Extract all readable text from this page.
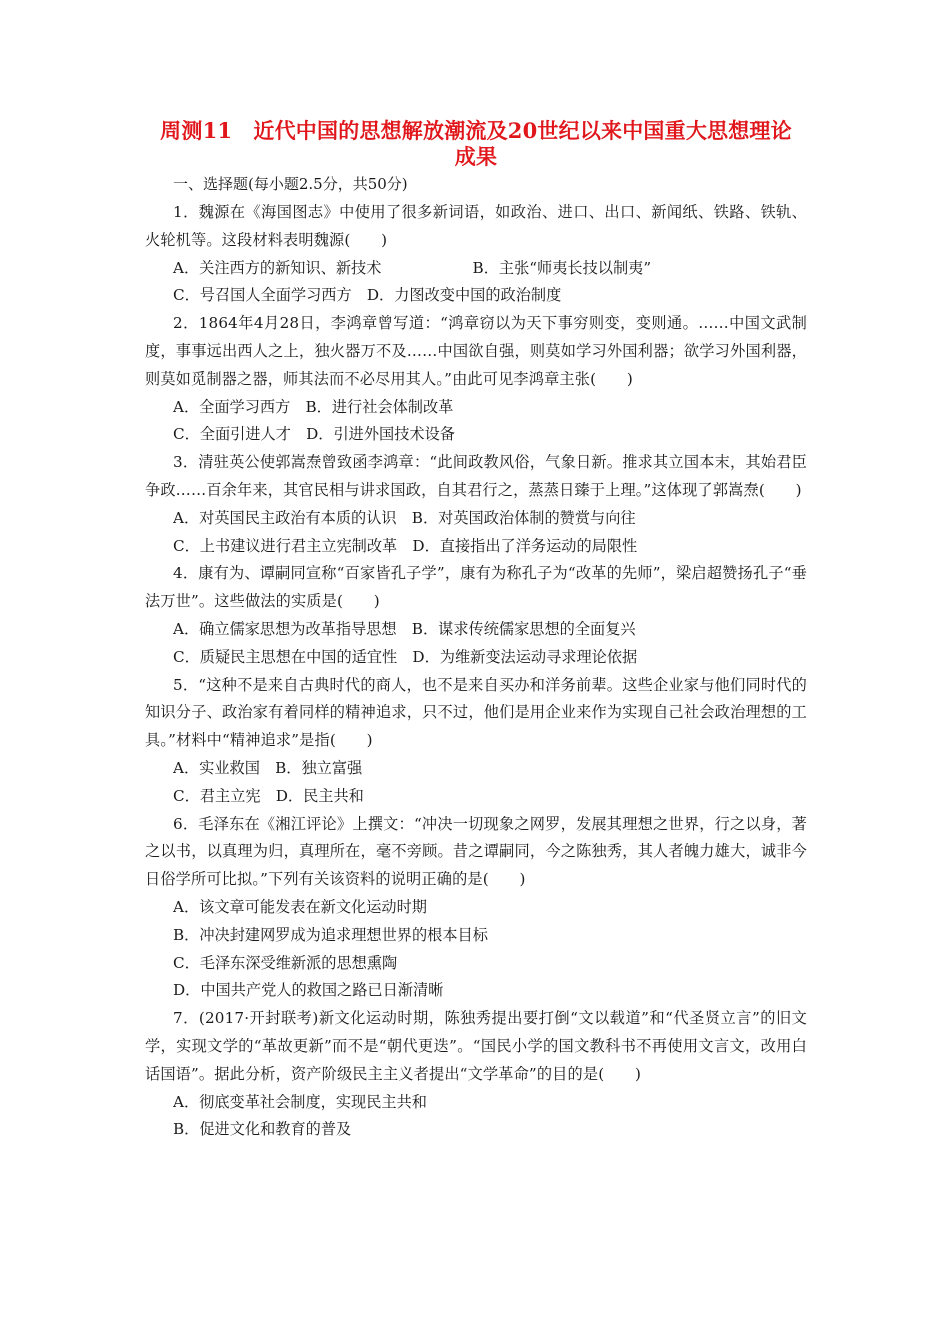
周测11　近代中国的思想解放潮流及20世纪以来中国重大思想理论
成果
一、选择题(每小题2.5分，共50分)

1．魏源在《海国图志》中使用了很多新词语，如政治、进口、出口、新闻纸、铁路、铁轨、火轮机等。这段材料表明魏源(　　)

A．关注西方的新知识、新技术　　　　　　B．主张“师夷长技以制夷”

C．号召国人全面学习西方　D．力图改变中国的政治制度

2．1864年4月28日，李鸿章曾写道：“鸿章窃以为天下事穷则变，变则通。……中国文武制度，事事远出西人之上，独火器万不及……中国欲自强，则莫如学习外国利器；欲学习外国利器，则莫如觅制器之器，师其法而不必尽用其人。”由此可见李鸿章主张(　　)

A．全面学习西方　B．进行社会体制改革

C．全面引进人才　D．引进外国技术设备

3．清驻英公使郭嵩焘曾致函李鸿章：“此间政教风俗，气象日新。推求其立国本末，其始君臣争政……百余年来，其官民相与讲求国政，自其君行之，蒸蒸日臻于上理。”这体现了郭嵩焘(　　)

A．对英国民主政治有本质的认识　B．对英国政治体制的赞赏与向往

C．上书建议进行君主立宪制改革　D．直接指出了洋务运动的局限性

4．康有为、谭嗣同宣称“百家皆孔子学”，康有为称孔子为“改革的先师”，梁启超赞扬孔子“垂法万世”。这些做法的实质是(　　)

A．确立儒家思想为改革指导思想　B．谋求传统儒家思想的全面复兴

C．质疑民主思想在中国的适宜性　D．为维新变法运动寻求理论依据

5．“这种不是来自古典时代的商人，也不是来自买办和洋务前辈。这些企业家与他们同时代的知识分子、政治家有着同样的精神追求，只不过，他们是用企业来作为实现自己社会政治理想的工具。”材料中“精神追求”是指(　　)

A．实业救国　B．独立富强

C．君主立宪　D．民主共和

6．毛泽东在《湘江评论》上撰文：“冲决一切现象之网罗，发展其理想之世界，行之以身，著之以书，以真理为归，真理所在，毫不旁顾。昔之谭嗣同，今之陈独秀，其人者魄力雄大，诚非今日俗学所可比拟。”下列有关该资料的说明正确的是(　　)

A．该文章可能发表在新文化运动时期

B．冲决封建网罗成为追求理想世界的根本目标

C．毛泽东深受维新派的思想熏陶

D．中国共产党人的救国之路已日渐清晰

7．(2017·开封联考)新文化运动时期，陈独秀提出要打倒“文以载道”和“代圣贤立言”的旧文学，实现文学的“革故更新”而不是“朝代更迭”。“国民小学的国文教科书不再使用文言文，改用白话国语”。据此分析，资产阶级民主主义者提出“文学革命”的目的是(　　)

A．彻底变革社会制度，实现民主共和

B．促进文化和教育的普及
